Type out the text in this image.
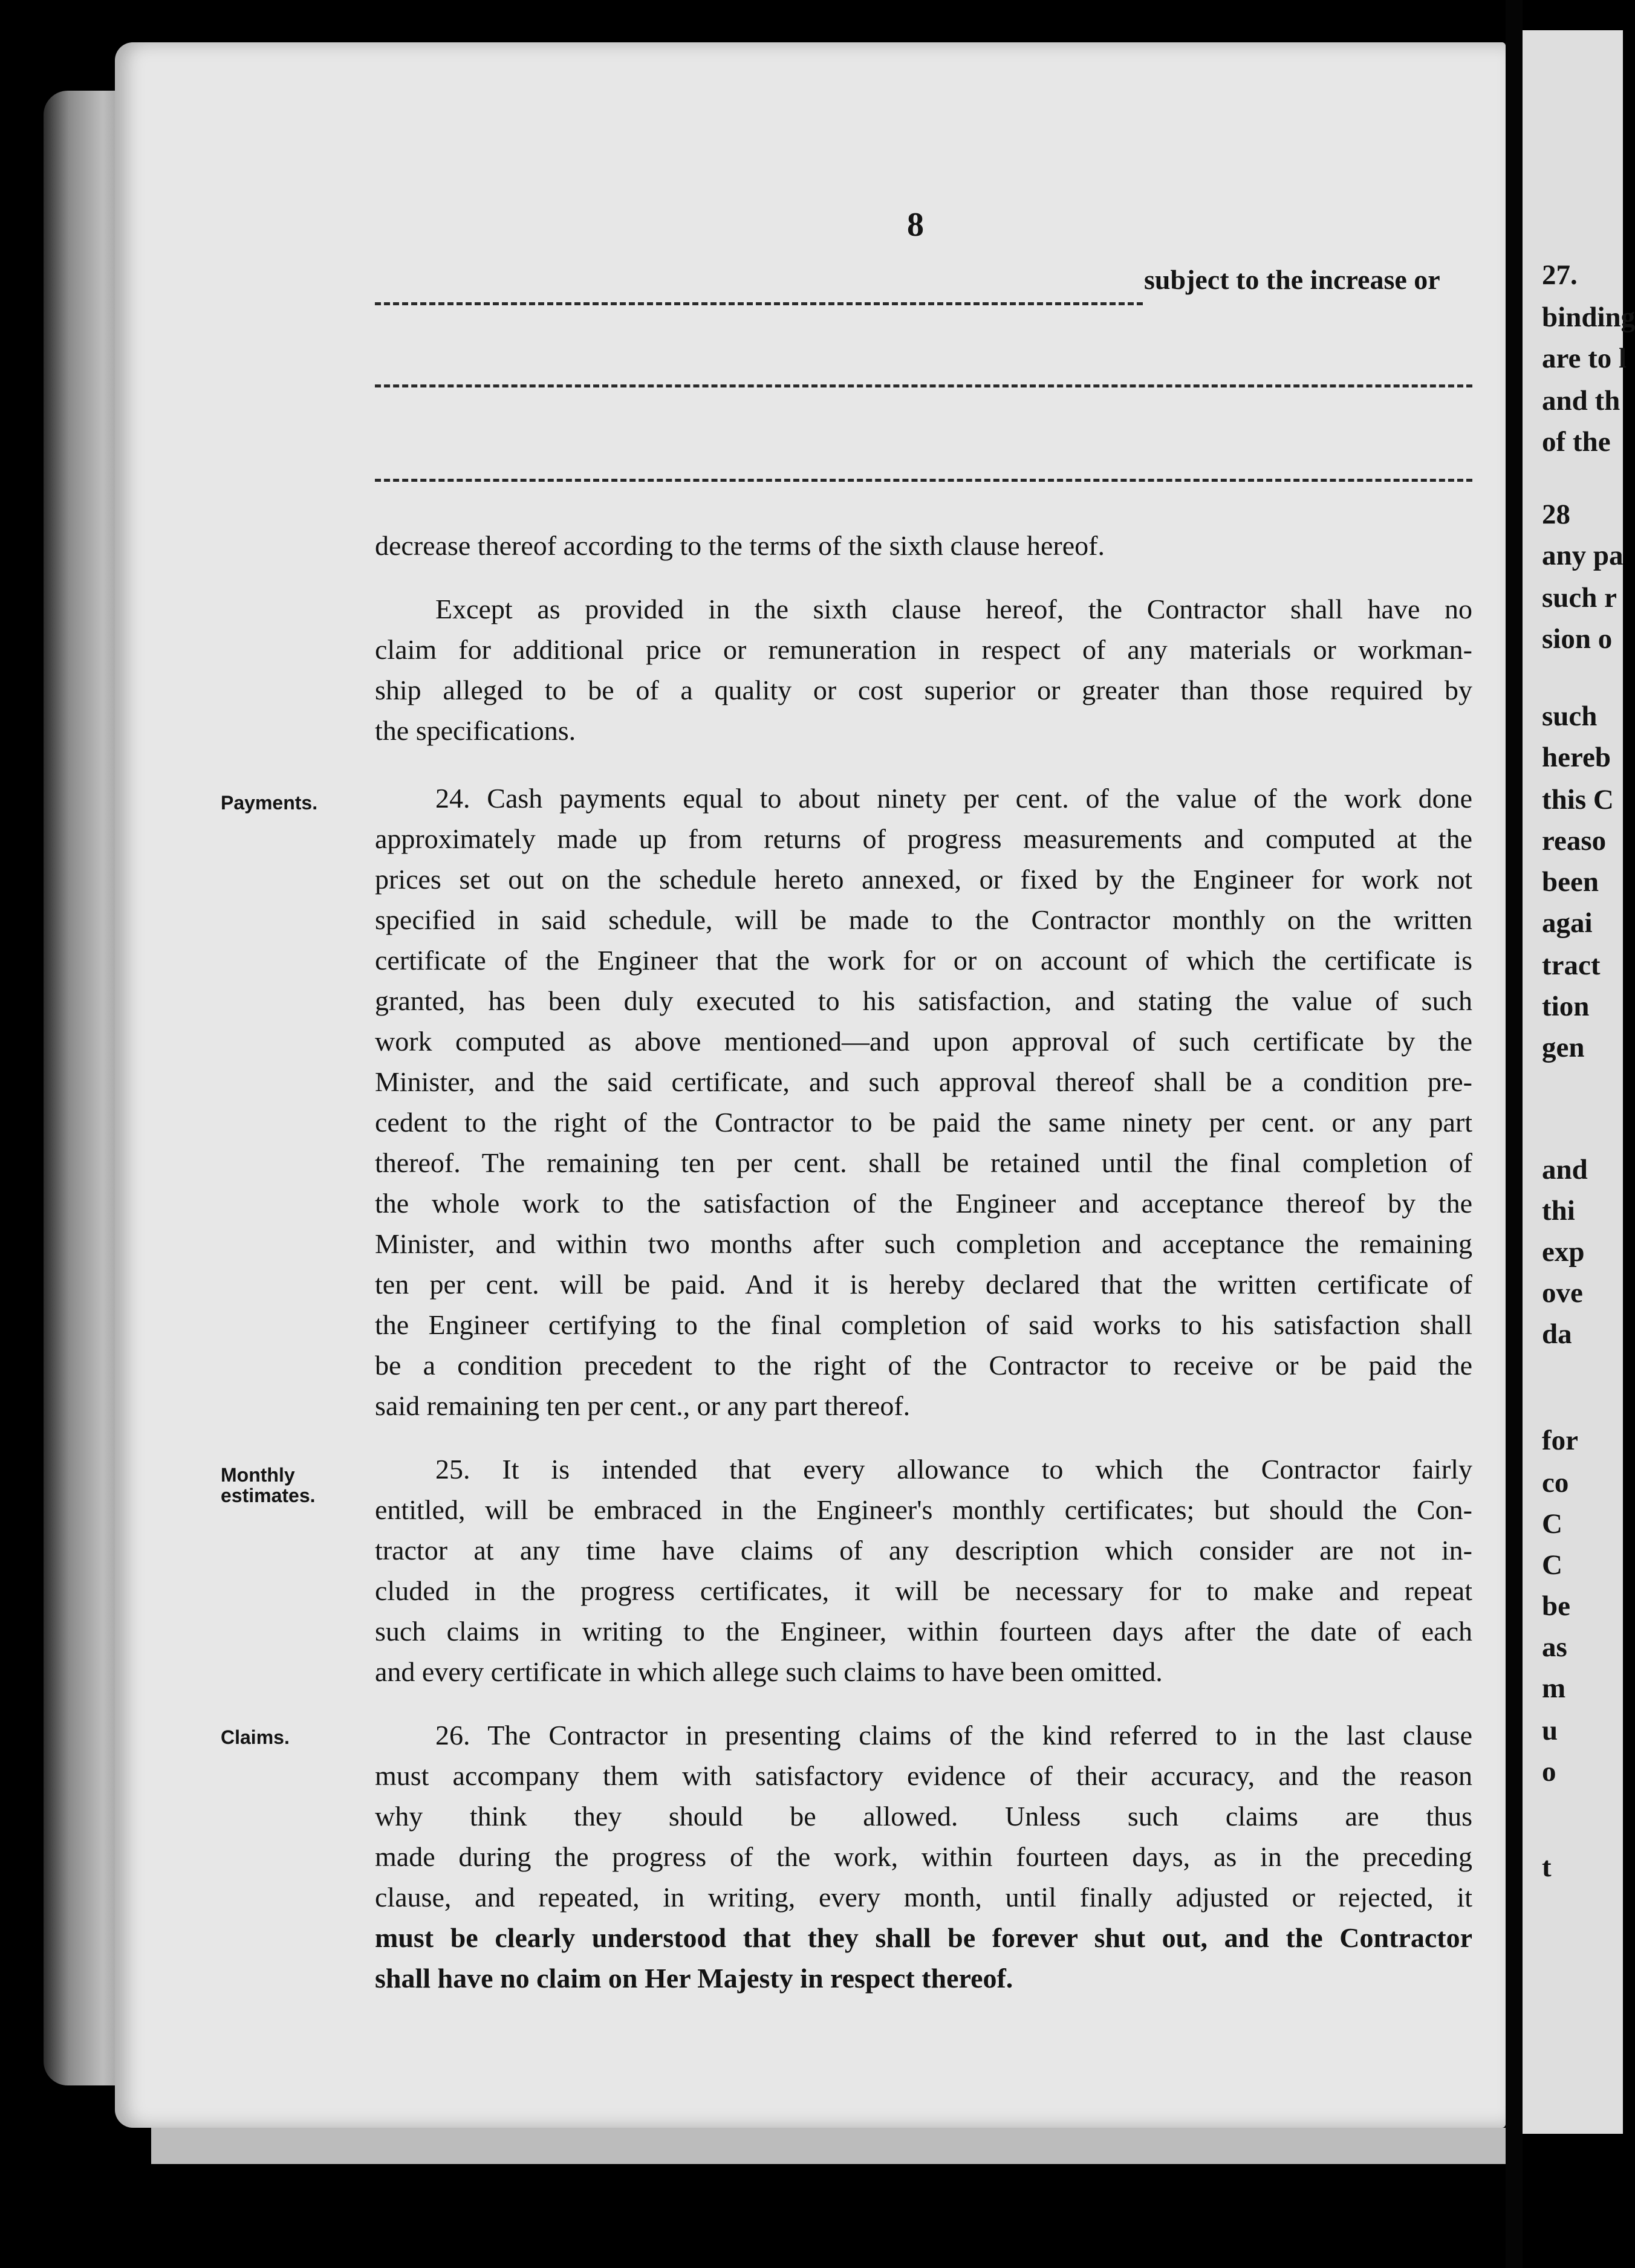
27.
binding
are to l
and th
of the
28
any pa
such r
sion o
such
hereb
this C
reaso
been
agai
tract
tion
gen
and
thi
exp
ove
da
for
co
C
C
be
as
m
u
o
t
8
subject to the increase or
Payments.
Monthly
estimates.
Claims.
decrease thereof according to the terms of the sixth clause hereof.
Except as provided in the sixth clause hereof, the Contractor shall have no
claim for additional price or remuneration in respect of any materials or workman-
ship alleged to be of a quality or cost superior or greater than those required by
the specifications.
24. Cash payments equal to about ninety per cent. of the value of the work done
approximately made up from returns of progress measurements and computed at the
prices set out on the schedule hereto annexed, or fixed by the Engineer for work not
specified in said schedule, will be made to the Contractor monthly on the written
certificate of the Engineer that the work for or on account of which the certificate is
granted, has been duly executed to his satisfaction, and stating the value of such
work computed as above mentioned—and upon approval of such certificate by the
Minister, and the said certificate, and such approval thereof shall be a condition pre-
cedent to the right of the Contractor to be paid the same ninety per cent. or any part
thereof. The remaining ten per cent. shall be retained until the final completion of
the whole work to the satisfaction of the Engineer and acceptance thereof by the
Minister, and within two months after such completion and acceptance the remaining
ten per cent. will be paid. And it is hereby declared that the written certificate of
the Engineer certifying to the final completion of said works to his satisfaction shall
be a condition precedent to the right of the Contractor to receive or be paid the
said remaining ten per cent., or any part thereof.
25. It is intended that every allowance to which the Contractor fairly
entitled, will be embraced in the Engineer's monthly certificates; but should the Con-
tractor at any time have claims of any description which consider are not in-
cluded in the progress certificates, it will be necessary for to make and repeat
such claims in writing to the Engineer, within fourteen days after the date of each
and every certificate in which allege such claims to have been omitted.
26. The Contractor in presenting claims of the kind referred to in the last clause
must accompany them with satisfactory evidence of their accuracy, and the reason
why think they should be allowed. Unless such claims are thus
made during the progress of the work, within fourteen days, as in the preceding
clause, and repeated, in writing, every month, until finally adjusted or rejected, it
must be clearly understood that they shall be forever shut out, and the Contractor
shall have no claim on Her Majesty in respect thereof.
